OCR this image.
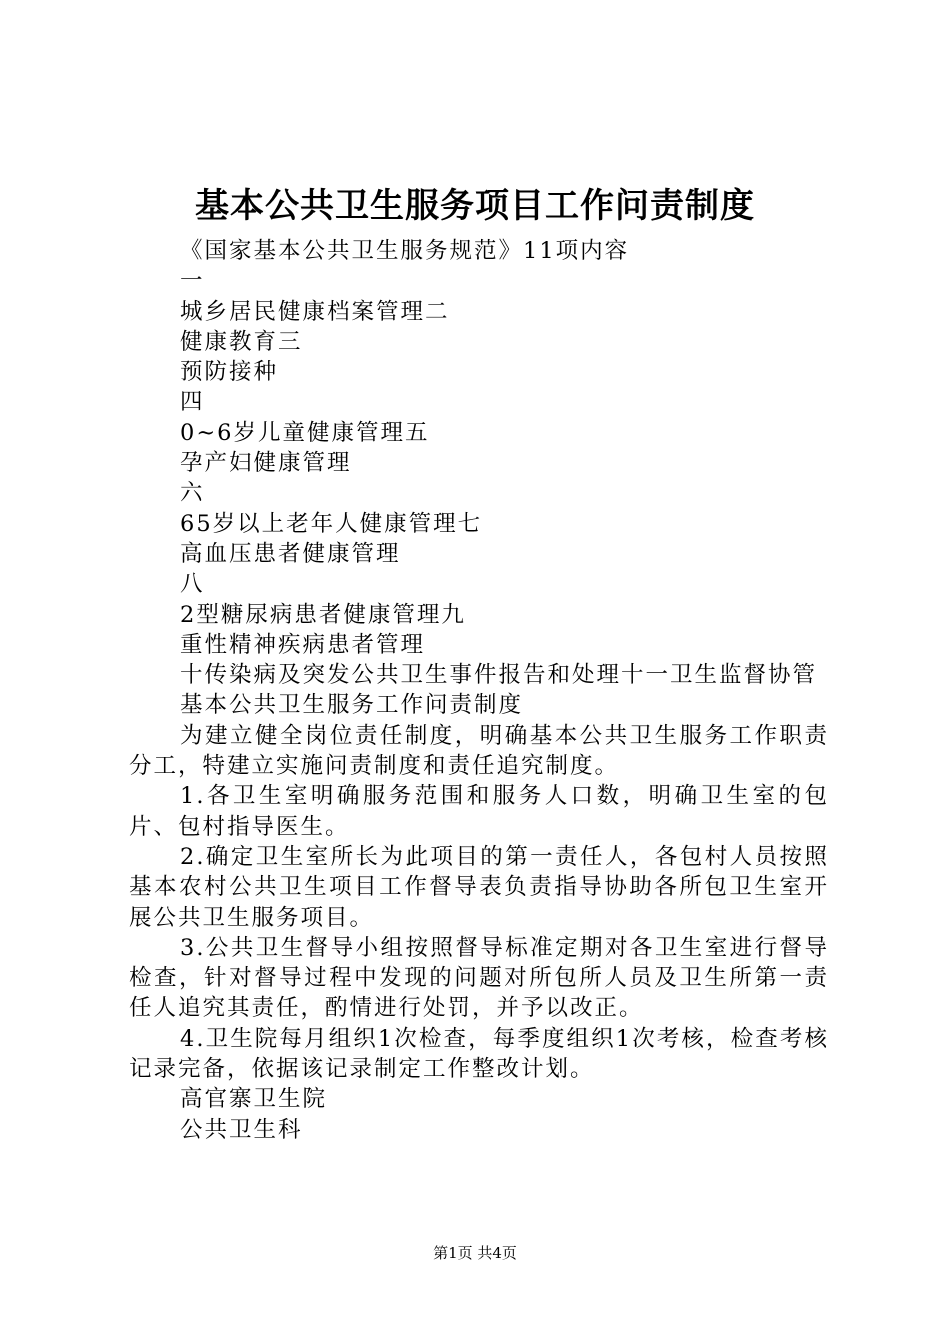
基本公共卫生服务项目工作问责制度
《国家基本公共卫生服务规范》11项内容
一
城乡居民健康档案管理二
健康教育三
预防接种
四
0~6岁儿童健康管理五
孕产妇健康管理
六
65岁以上老年人健康管理七
高血压患者健康管理
八
2型糖尿病患者健康管理九
重性精神疾病患者管理

十传染病及突发公共卫生事件报告和处理十一卫生监督协管

基本公共卫生服务工作问责制度

为建立健全岗位责任制度，明确基本公共卫生服务工作职责分工，特建立实施问责制度和责任追究制度。

1.各卫生室明确服务范围和服务人口数，明确卫生室的包片、包村指导医生。

2.确定卫生室所长为此项目的第一责任人，各包村人员按照基本农村公共卫生项目工作督导表负责指导协助各所包卫生室开展公共卫生服务项目。

3.公共卫生督导小组按照督导标准定期对各卫生室进行督导检查，针对督导过程中发现的问题对所包所人员及卫生所第一责任人追究其责任，酌情进行处罚，并予以改正。

4.卫生院每月组织1次检查，每季度组织1次考核，检查考核记录完备，依据该记录制定工作整改计划。

高官寨卫生院
公共卫生科
第1页 共4页
